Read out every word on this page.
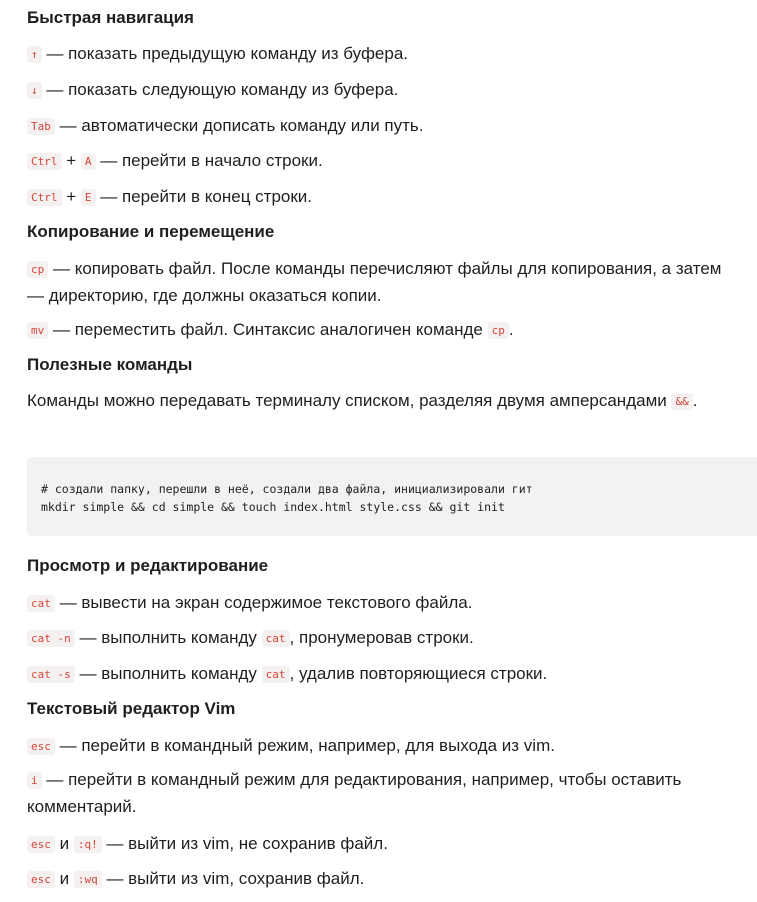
Быстрая навигация

↑ — показать предыдущую команду из буфера.

↓ — показать следующую команду из буфера.

Tab — автоматически дописать команду или путь.

Ctrl + A — перейти в начало строки.

Ctrl + E — перейти в конец строки.

Копирование и перемещение

cp — копировать файл. После команды перечисляют файлы для копирования, а затем — директорию, где должны оказаться копии.

mv — переместить файл. Синтаксис аналогичен команде cp .

Полезные команды

Команды можно передавать терминалу списком, разделяя двумя амперсандами && .

# создали папку, перешли в неё, создали два файла, инициализировали гит
mkdir simple && cd simple && touch index.html style.css && git init
Просмотр и редактирование

cat — вывести на экран содержимое текстового файла.

cat -n — выполнить команду cat , пронумеровав строки.

cat -s — выполнить команду cat , удалив повторяющиеся строки.

Текстовый редактор Vim

esc — перейти в командный режим, например, для выхода из vim.

i — перейти в командный режим для редактирования, например, чтобы оставить комментарий.

esc и :q! — выйти из vim, не сохранив файл.

esc и :wq — выйти из vim, сохранив файл.
